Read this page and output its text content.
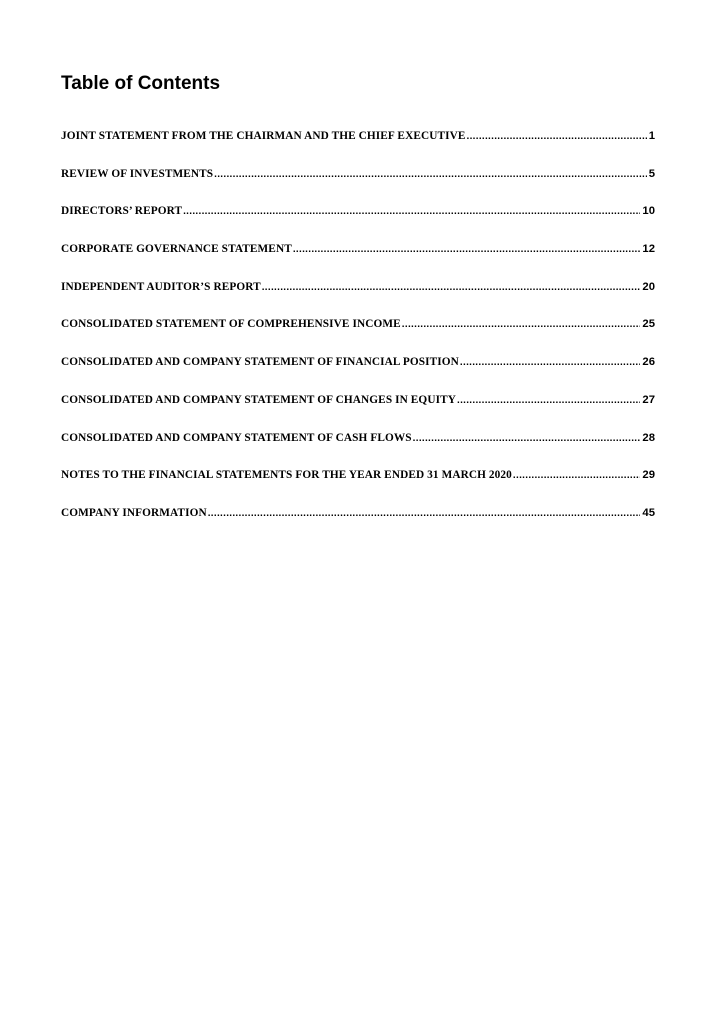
Table of Contents
JOINT STATEMENT FROM THE CHAIRMAN AND THE CHIEF EXECUTIVE .....	1
REVIEW OF INVESTMENTS .....	5
DIRECTORS’ REPORT .....	10
CORPORATE GOVERNANCE STATEMENT .....	12
INDEPENDENT AUDITOR’S REPORT .....	20
CONSOLIDATED STATEMENT OF COMPREHENSIVE INCOME .....	25
CONSOLIDATED AND COMPANY STATEMENT OF FINANCIAL POSITION .....	26
CONSOLIDATED AND COMPANY STATEMENT OF CHANGES IN EQUITY .....	27
CONSOLIDATED AND COMPANY STATEMENT OF CASH FLOWS .....	28
NOTES TO THE FINANCIAL STATEMENTS FOR THE YEAR ENDED 31 MARCH 2020 .....	29
COMPANY INFORMATION .....	45
